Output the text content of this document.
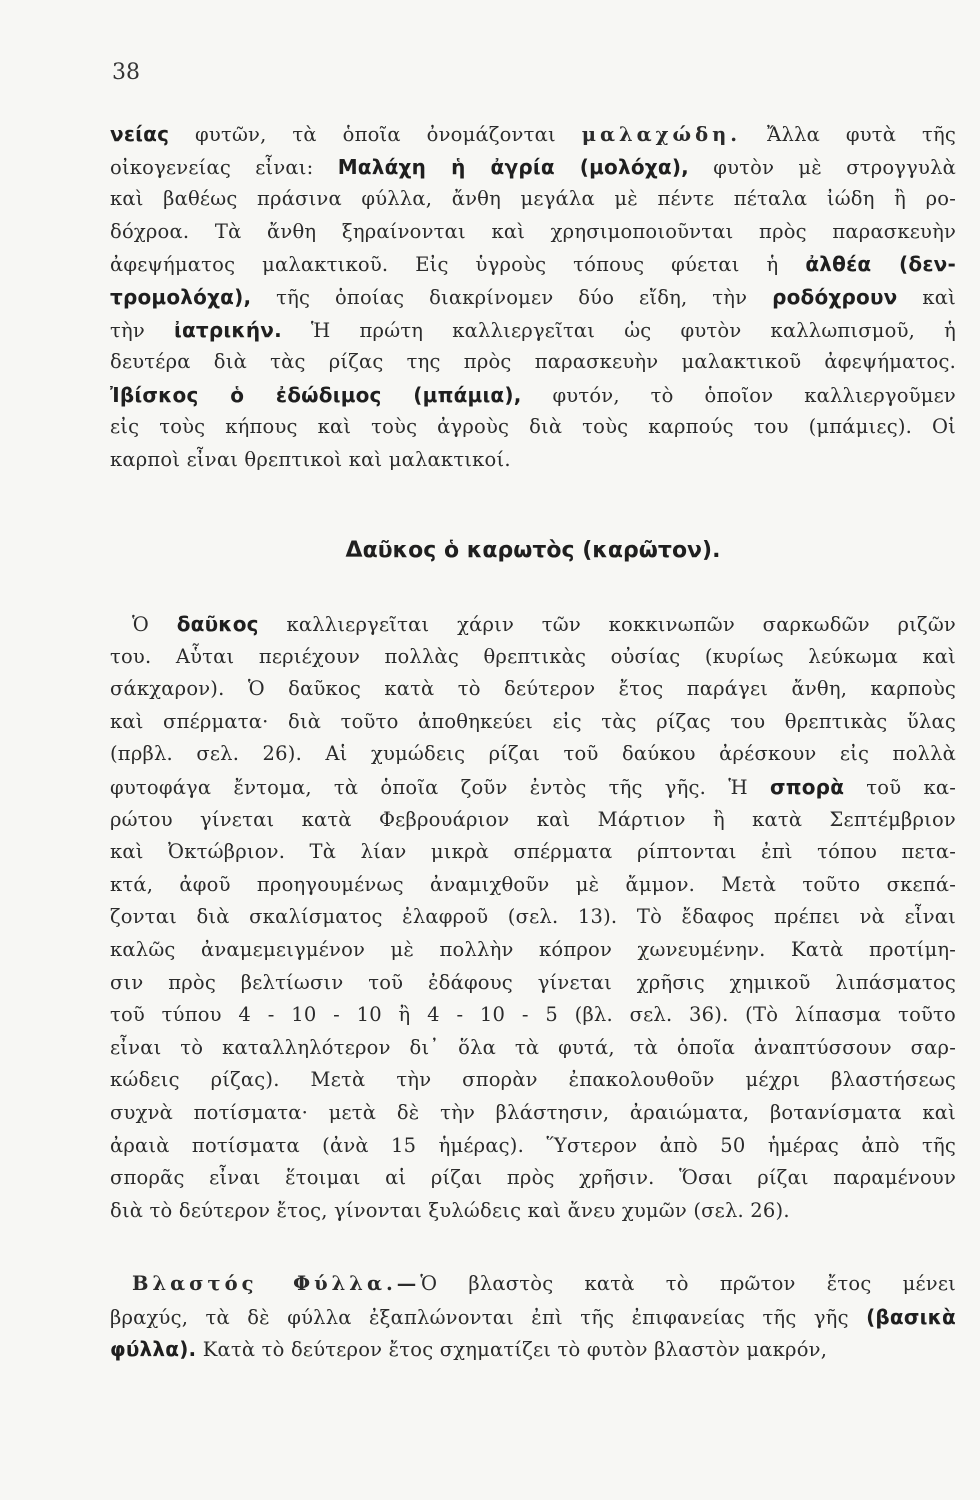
38
νείας φυτῶν, τὰ ὁποῖα ὀνομάζονται μαλαχώδη. Ἄλλα φυτὰ τῆς
οἰκογενείας εἶναι: Μαλάχη ἡ ἀγρία (μολόχα), φυτὸν μὲ στρογγυλὰ
καὶ βαθέως πράσινα φύλλα, ἄνθη μεγάλα μὲ πέντε πέταλα ἰώδη ἢ ρο-
δόχροα. Τὰ ἄνθη ξηραίνονται καὶ χρησιμοποιοῦνται πρὸς παρασκευὴν
ἀφεψήματος μαλακτικοῦ. Εἰς ὑγροὺς τόπους φύεται ἡ ἀλθέα (δεν-
τρομολόχα), τῆς ὁποίας διακρίνομεν δύο εἴδη, τὴν ροδόχρουν καὶ
τὴν ἰατρικήν. Ἡ πρώτη καλλιεργεῖται ὡς φυτὸν καλλωπισμοῦ, ἡ
δευτέρα διὰ τὰς ρίζας της πρὸς παρασκευὴν μαλακτικοῦ ἀφεψήματος.
Ἰβίσκος ὁ ἐδώδιμος (μπάμια), φυτόν, τὸ ὁποῖον καλλιεργοῦμεν
εἰς τοὺς κήπους καὶ τοὺς ἀγροὺς διὰ τοὺς καρπούς του (μπάμιες). Οἱ
καρποὶ εἶναι θρεπτικοὶ καὶ μαλακτικοί.
Δαῦκος ὁ καρωτὸς (καρῶτον).
Ὁ δαῦκος καλλιεργεῖται χάριν τῶν κοκκινωπῶν σαρκωδῶν ριζῶν
του. Αὗται περιέχουν πολλὰς θρεπτικὰς οὐσίας (κυρίως λεύκωμα καὶ
σάκχαρον). Ὁ δαῦκος κατὰ τὸ δεύτερον ἔτος παράγει ἄνθη, καρποὺς
καὶ σπέρματα· διὰ τοῦτο ἀποθηκεύει εἰς τὰς ρίζας του θρεπτικὰς ὕλας
(πρβλ. σελ. 26). Αἱ χυμώδεις ρίζαι τοῦ δαύκου ἀρέσκουν εἰς πολλὰ
φυτοφάγα ἔντομα, τὰ ὁποῖα ζοῦν ἐντὸς τῆς γῆς. Ἡ σπορὰ τοῦ κα-
ρώτου γίνεται κατὰ Φεβρουάριον καὶ Μάρτιον ἢ κατὰ Σεπτέμβριον
καὶ Ὀκτώβριον. Τὰ λίαν μικρὰ σπέρματα ρίπτονται ἐπὶ τόπου πετα-
κτά, ἀφοῦ προηγουμένως ἀναμιχθοῦν μὲ ἄμμον. Μετὰ τοῦτο σκεπά-
ζονται διὰ σκαλίσματος ἐλαφροῦ (σελ. 13). Τὸ ἔδαφος πρέπει νὰ εἶναι
καλῶς ἀναμεμειγμένον μὲ πολλὴν κόπρον χωνευμένην. Κατὰ προτίμη-
σιν πρὸς βελτίωσιν τοῦ ἐδάφους γίνεται χρῆσις χημικοῦ λιπάσματος
τοῦ τύπου 4 - 10 - 10 ἢ 4 - 10 - 5 (βλ. σελ. 36). (Τὸ λίπασμα τοῦτο
εἶναι τὸ καταλληλότερον δι᾽ ὅλα τὰ φυτά, τὰ ὁποῖα ἀναπτύσσουν σαρ-
κώδεις ρίζας). Μετὰ τὴν σπορὰν ἐπακολουθοῦν μέχρι βλαστήσεως
συχνὰ ποτίσματα· μετὰ δὲ τὴν βλάστησιν, ἀραιώματα, βοτανίσματα καὶ
ἀραιὰ ποτίσματα (ἀνὰ 15 ἡμέρας). Ὕστερον ἀπὸ 50 ἡμέρας ἀπὸ τῆς
σπορᾶς εἶναι ἕτοιμαι αἱ ρίζαι πρὸς χρῆσιν. Ὅσαι ρίζαι παραμένουν
διὰ τὸ δεύτερον ἔτος, γίνονται ξυλώδεις καὶ ἄνευ χυμῶν (σελ. 26).
Βλαστός Φύλλα.—Ὁ βλαστὸς κατὰ τὸ πρῶτον ἔτος μένει
βραχύς, τὰ δὲ φύλλα ἐξαπλώνονται ἐπὶ τῆς ἐπιφανείας τῆς γῆς (βασικὰ
φύλλα). Κατὰ τὸ δεύτερον ἔτος σχηματίζει τὸ φυτὸν βλαστὸν μακρόν,
